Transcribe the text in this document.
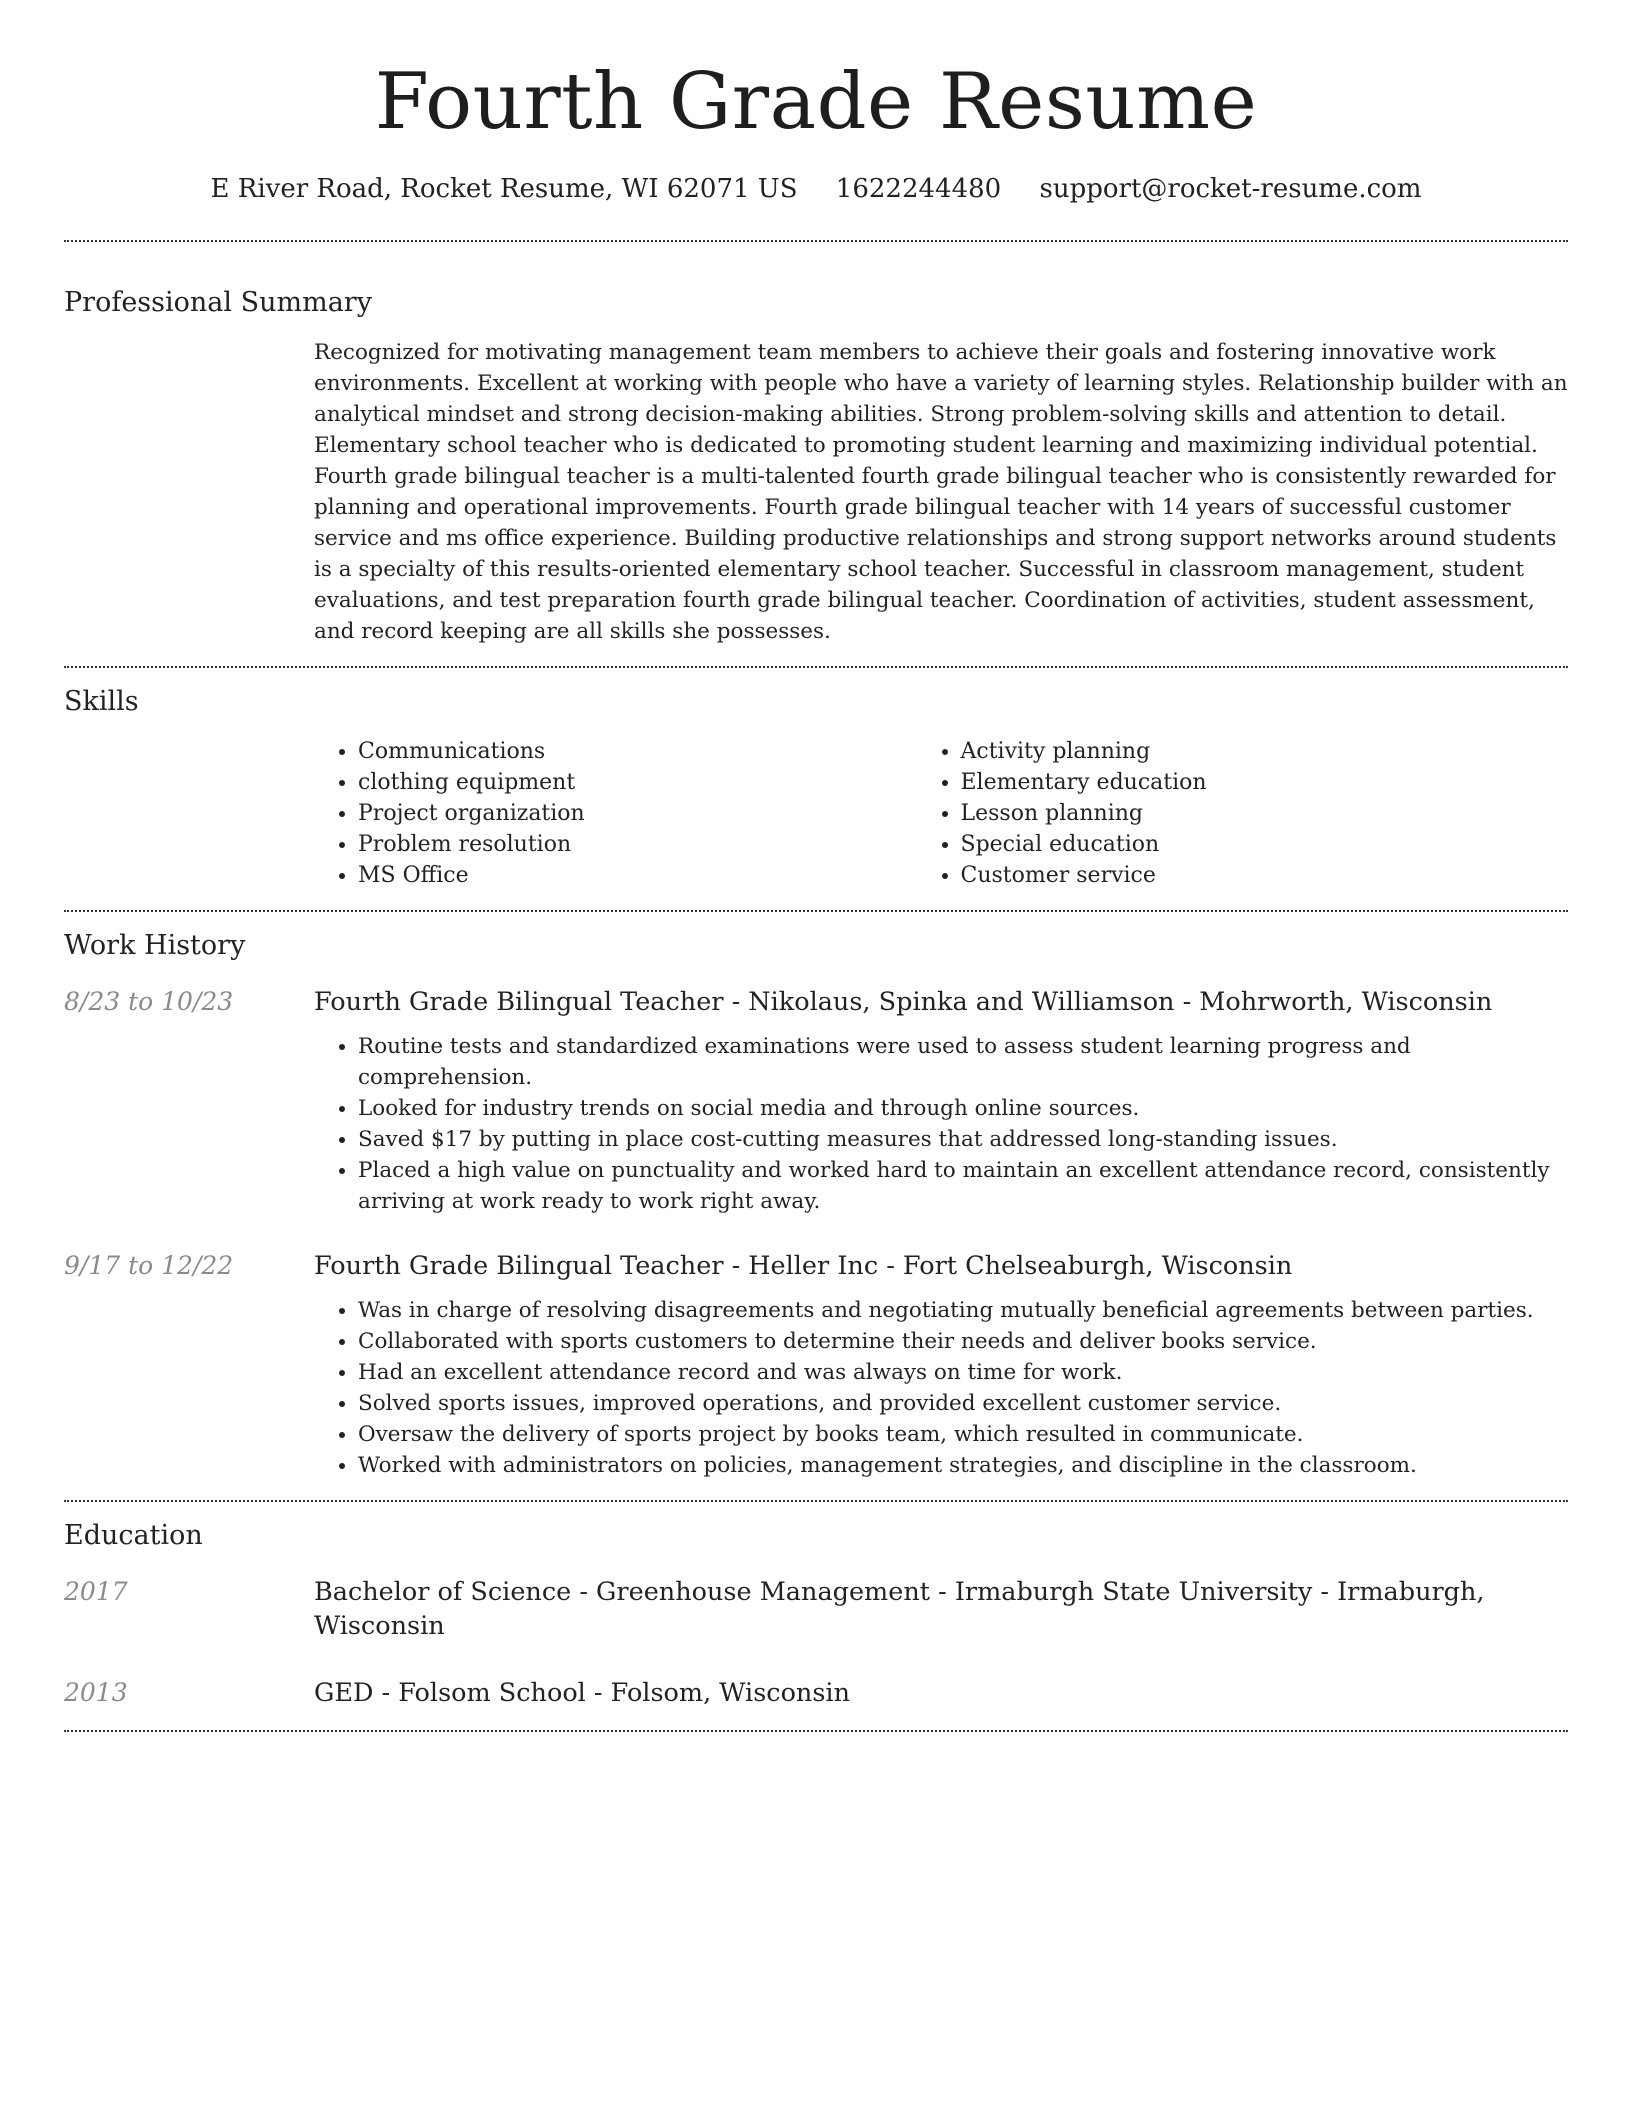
Fourth Grade Resume
E River Road, Rocket Resume, WI 62071 US 1622244480 support@rocket-resume.com
Professional Summary

Recognized for motivating management team members to achieve their goals and fostering innovative work environments. Excellent at working with people who have a variety of learning styles. Relationship builder with an analytical mindset and strong decision-making abilities. Strong problem-solving skills and attention to detail. Elementary school teacher who is dedicated to promoting student learning and maximizing individual potential. Fourth grade bilingual teacher is a multi-talented fourth grade bilingual teacher who is consistently rewarded for planning and operational improvements. Fourth grade bilingual teacher with 14 years of successful customer service and ms office experience. Building productive relationships and strong support networks around students is a specialty of this results-oriented elementary school teacher. Successful in classroom management, student evaluations, and test preparation fourth grade bilingual teacher. Coordination of activities, student assessment, and record keeping are all skills she possesses.

Skills
• Communications
• clothing equipment
• Project organization
• Problem resolution
• MS Office
• Activity planning
• Elementary education
• Lesson planning
• Special education
• Customer service
Work History
8/23 to 10/23	Fourth Grade Bilingual Teacher - Nikolaus, Spinka and Williamson - Mohrworth, Wisconsin
• Routine tests and standardized examinations were used to assess student learning progress and comprehension.
• Looked for industry trends on social media and through online sources.
• Saved $17 by putting in place cost-cutting measures that addressed long-standing issues.
• Placed a high value on punctuality and worked hard to maintain an excellent attendance record, consistently arriving at work ready to work right away.
9/17 to 12/22	Fourth Grade Bilingual Teacher - Heller Inc - Fort Chelseaburgh, Wisconsin
• Was in charge of resolving disagreements and negotiating mutually beneficial agreements between parties.
• Collaborated with sports customers to determine their needs and deliver books service.
• Had an excellent attendance record and was always on time for work.
• Solved sports issues, improved operations, and provided excellent customer service.
• Oversaw the delivery of sports project by books team, which resulted in communicate.
• Worked with administrators on policies, management strategies, and discipline in the classroom.
Education
2017	Bachelor of Science - Greenhouse Management - Irmaburgh State University - Irmaburgh, Wisconsin
2013	GED - Folsom School - Folsom, Wisconsin
